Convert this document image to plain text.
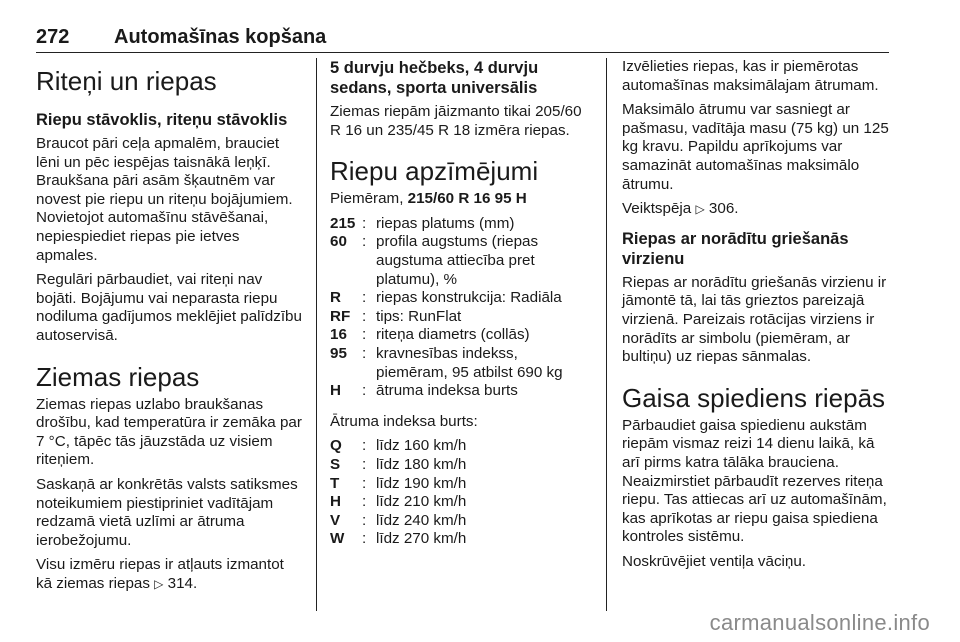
272 Automašīnas kopšana
Riteņi un riepas
Riepu stāvoklis, riteņu stāvoklis

Braucot pāri ceļa apmalēm, brauciet lēni un pēc iespējas taisnākā leņķī. Braukšana pāri asām šķautnēm var novest pie riepu un riteņu bojājumiem. Novietojot automašīnu stāvēšanai, nepiespiediet riepas pie ietves apmales.

Regulāri pārbaudiet, vai riteņi nav bojāti. Bojājumu vai neparasta riepu nodiluma gadījumos meklējiet palīdzību autoservisā.

Ziemas riepas

Ziemas riepas uzlabo braukšanas drošību, kad temperatūra ir zemāka par 7 °C, tāpēc tās jāuzstāda uz visiem riteņiem.

Saskaņā ar konkrētās valsts satiksmes noteikumiem piestipriniet vadītājam redzamā vietā uzlīmi ar ātruma ierobežojumu.

Visu izmēru riepas ir atļauts izmantot kā ziemas riepas ▷ 314.

5 durvju hečbeks, 4 durvju sedans, sporta universālis

Ziemas riepām jāizmanto tikai 205/60 R 16 un 235/45 R 18 izmēra riepas.

Riepu apzīmējumi

Piemēram, 215/60 R 16 95 H

215	:	riepas platums (mm)
60	:	profila augstums (riepas augstuma attiecība pret platumu), %
R	:	riepas konstrukcija: Radiāla
RF	:	tips: RunFlat
16	:	riteņa diametrs (collās)
95	:	kravnesības indekss, piemēram, 95 atbilst 690 kg
H	:	ātruma indeksa burts

Ātruma indeksa burts:

Q	:	līdz 160 km/h
S	:	līdz 180 km/h
T	:	līdz 190 km/h
H	:	līdz 210 km/h
V	:	līdz 240 km/h
W	:	līdz 270 km/h

Izvēlieties riepas, kas ir piemērotas automašīnas maksimālajam ātrumam.

Maksimālo ātrumu var sasniegt ar pašmasu, vadītāja masu (75 kg) un 125 kg kravu. Papildu aprīkojums var samazināt automašīnas maksimālo ātrumu.

Veiktspēja ▷ 306.

Riepas ar norādītu griešanās virzienu

Riepas ar norādītu griešanās virzienu ir jāmontē tā, lai tās grieztos pareizajā virzienā. Pareizais rotācijas virziens ir norādīts ar simbolu (piemēram, ar bultiņu) uz riepas sānmalas.

Gaisa spiediens riepās

Pārbaudiet gaisa spiedienu aukstām riepām vismaz reizi 14 dienu laikā, kā arī pirms katra tālāka brauciena. Neaizmirstiet pārbaudīt rezerves riteņa riepu. Tas attiecas arī uz automašīnām, kas aprīkotas ar riepu gaisa spiediena kontroles sistēmu.

Noskrūvējiet ventiļa vāciņu.

carmanualsonline.info
